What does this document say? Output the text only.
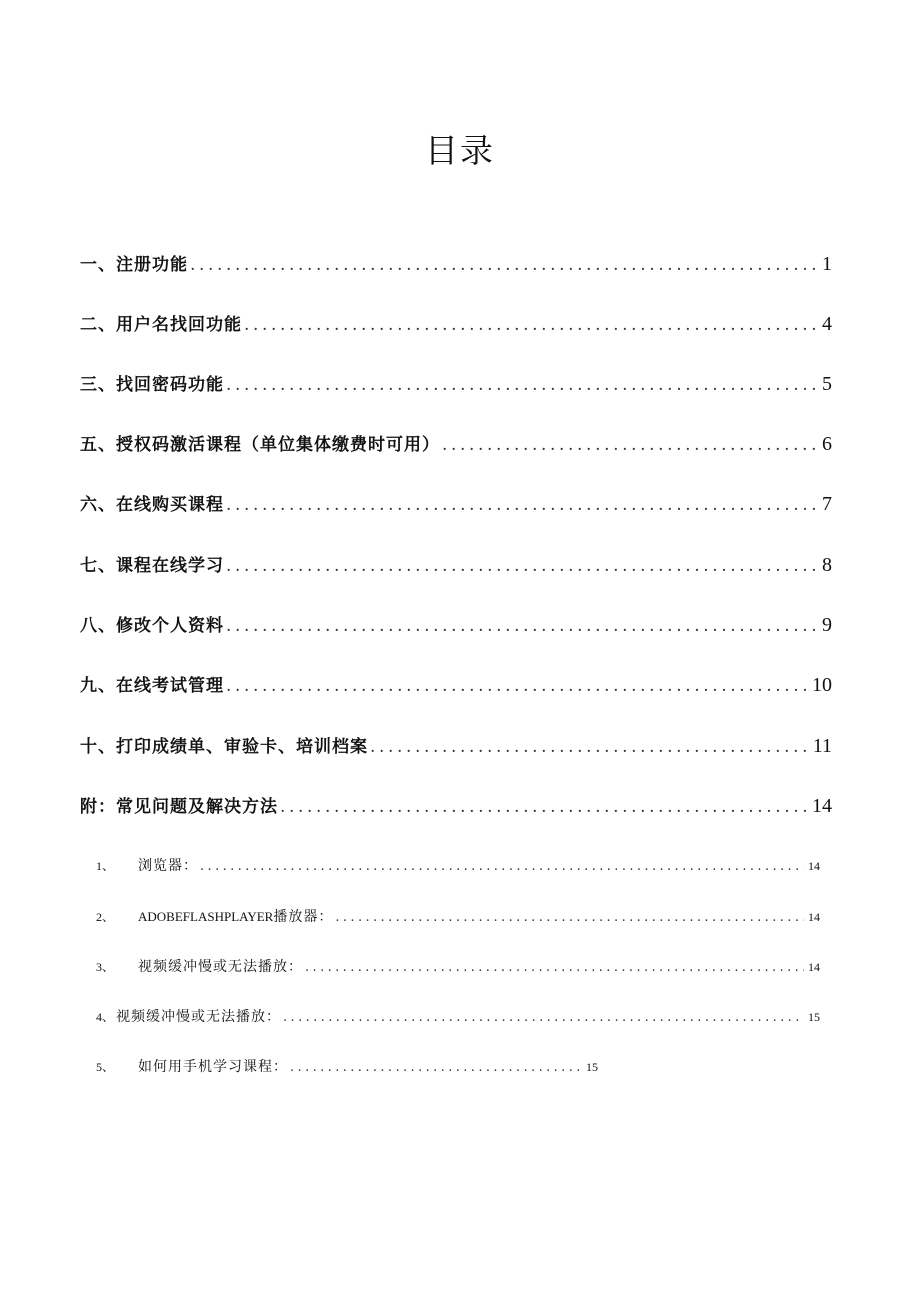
目录
一、注册功能 .....	1
二、用户名找回功能 .....	4
三、找回密码功能 .....	5
五、授权码激活课程（单位集体缴费时可用） .....	6
六、在线购买课程 .....	7
七、课程在线学习 .....	8
八、修改个人资料 .....	9
九、在线考试管理 .....	10
十、打印成绩单、审验卡、培训档案 .....	11
附：常见问题及解决方法 .....	14
1、 浏览器： .....	14
2、 ADOBEFLASHPLAYER 播放器： .....	14
3、 视频缓冲慢或无法播放： .....	14
4、 视频缓冲慢或无法播放： .....	15
5、 如何用手机学习课程： .....	15
